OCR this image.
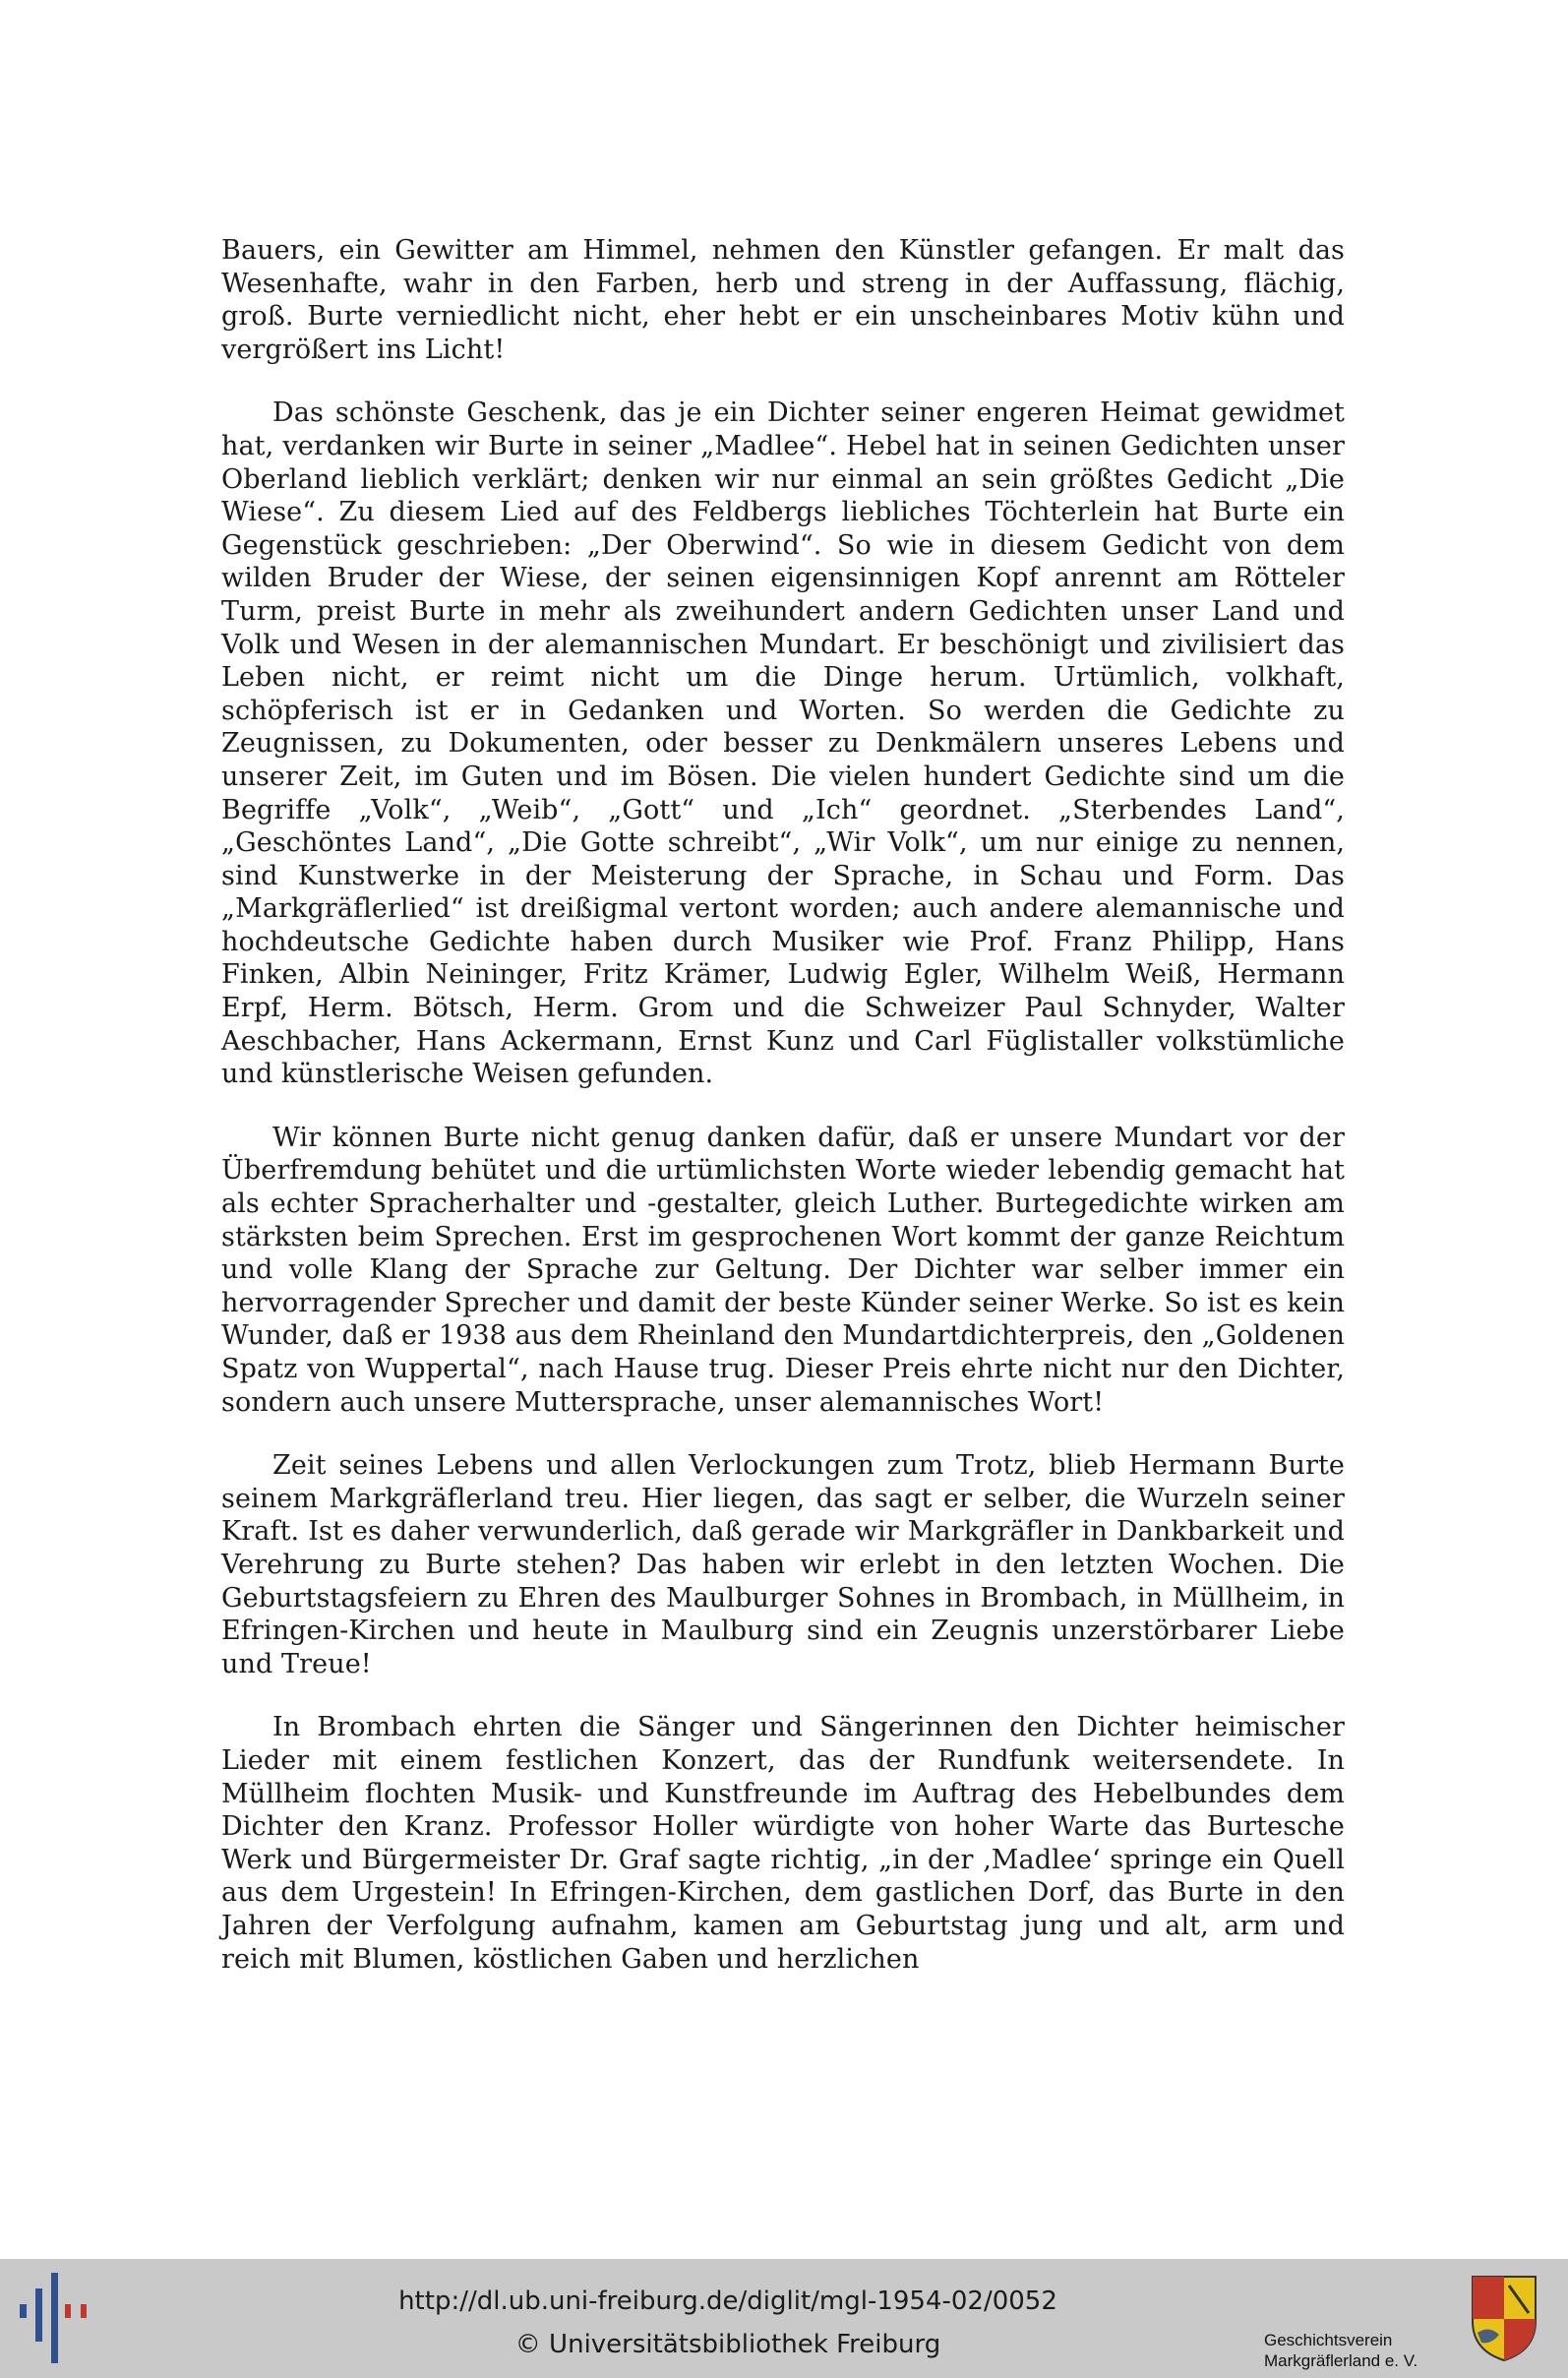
Bauers, ein Gewitter am Himmel, nehmen den Künstler gefangen. Er malt das Wesenhafte, wahr in den Farben, herb und streng in der Auffassung, flächig, groß. Burte verniedlicht nicht, eher hebt er ein unscheinbares Motiv kühn und vergrößert ins Licht!

Das schönste Geschenk, das je ein Dichter seiner engeren Heimat gewidmet hat, verdanken wir Burte in seiner „Madlee“. Hebel hat in seinen Gedichten unser Oberland lieblich verklärt; denken wir nur einmal an sein größtes Gedicht „Die Wiese“. Zu diesem Lied auf des Feldbergs liebliches Töchterlein hat Burte ein Gegenstück geschrieben: „Der Oberwind“. So wie in diesem Gedicht von dem wilden Bruder der Wiese, der seinen eigensinnigen Kopf anrennt am Rötteler Turm, preist Burte in mehr als zweihundert andern Gedichten unser Land und Volk und Wesen in der alemannischen Mundart. Er beschönigt und zivilisiert das Leben nicht, er reimt nicht um die Dinge herum. Urtümlich, volkhaft, schöpferisch ist er in Gedanken und Worten. So werden die Gedichte zu Zeugnissen, zu Dokumenten, oder besser zu Denkmälern unseres Lebens und unserer Zeit, im Guten und im Bösen. Die vielen hundert Gedichte sind um die Begriffe „Volk“, „Weib“, „Gott“ und „Ich“ geordnet. „Sterbendes Land“, „Geschöntes Land“, „Die Gotte schreibt“, „Wir Volk“, um nur einige zu nennen, sind Kunstwerke in der Meisterung der Sprache, in Schau und Form. Das „Markgräflerlied“ ist dreißigmal vertont worden; auch andere alemannische und hochdeutsche Gedichte haben durch Musiker wie Prof. Franz Philipp, Hans Finken, Albin Neininger, Fritz Krämer, Ludwig Egler, Wilhelm Weiß, Hermann Erpf, Herm. Bötsch, Herm. Grom und die Schweizer Paul Schnyder, Walter Aeschbacher, Hans Ackermann, Ernst Kunz und Carl Füglistaller volkstümliche und künstlerische Weisen gefunden.

Wir können Burte nicht genug danken dafür, daß er unsere Mundart vor der Überfremdung behütet und die urtümlichsten Worte wieder lebendig gemacht hat als echter Spracherhalter und -gestalter, gleich Luther. Burtegedichte wirken am stärksten beim Sprechen. Erst im gesprochenen Wort kommt der ganze Reichtum und volle Klang der Sprache zur Geltung. Der Dichter war selber immer ein hervorragender Sprecher und damit der beste Künder seiner Werke. So ist es kein Wunder, daß er 1938 aus dem Rheinland den Mundartdichterpreis, den „Goldenen Spatz von Wuppertal“, nach Hause trug. Dieser Preis ehrte nicht nur den Dichter, sondern auch unsere Muttersprache, unser alemannisches Wort!

Zeit seines Lebens und allen Verlockungen zum Trotz, blieb Hermann Burte seinem Markgräflerland treu. Hier liegen, das sagt er selber, die Wurzeln seiner Kraft. Ist es daher verwunderlich, daß gerade wir Markgräfler in Dankbarkeit und Verehrung zu Burte stehen? Das haben wir erlebt in den letzten Wochen. Die Geburtstagsfeiern zu Ehren des Maulburger Sohnes in Brombach, in Müllheim, in Efringen-Kirchen und heute in Maulburg sind ein Zeugnis unzerstörbarer Liebe und Treue!

In Brombach ehrten die Sänger und Sängerinnen den Dichter heimischer Lieder mit einem festlichen Konzert, das der Rundfunk weitersendete. In Müllheim flochten Musik- und Kunstfreunde im Auftrag des Hebelbundes dem Dichter den Kranz. Professor Holler würdigte von hoher Warte das Burtesche Werk und Bürgermeister Dr. Graf sagte richtig, „in der ‚Madlee‘ springe ein Quell aus dem Urgestein! In Efringen-Kirchen, dem gastlichen Dorf, das Burte in den Jahren der Verfolgung aufnahm, kamen am Geburtstag jung und alt, arm und reich mit Blumen, köstlichen Gaben und herzlichen

http://dl.ub.uni-freiburg.de/diglit/mgl-1954-02/0052
© Universitätsbibliothek Freiburg	Geschichtsverein
Markgräflerland e. V.
